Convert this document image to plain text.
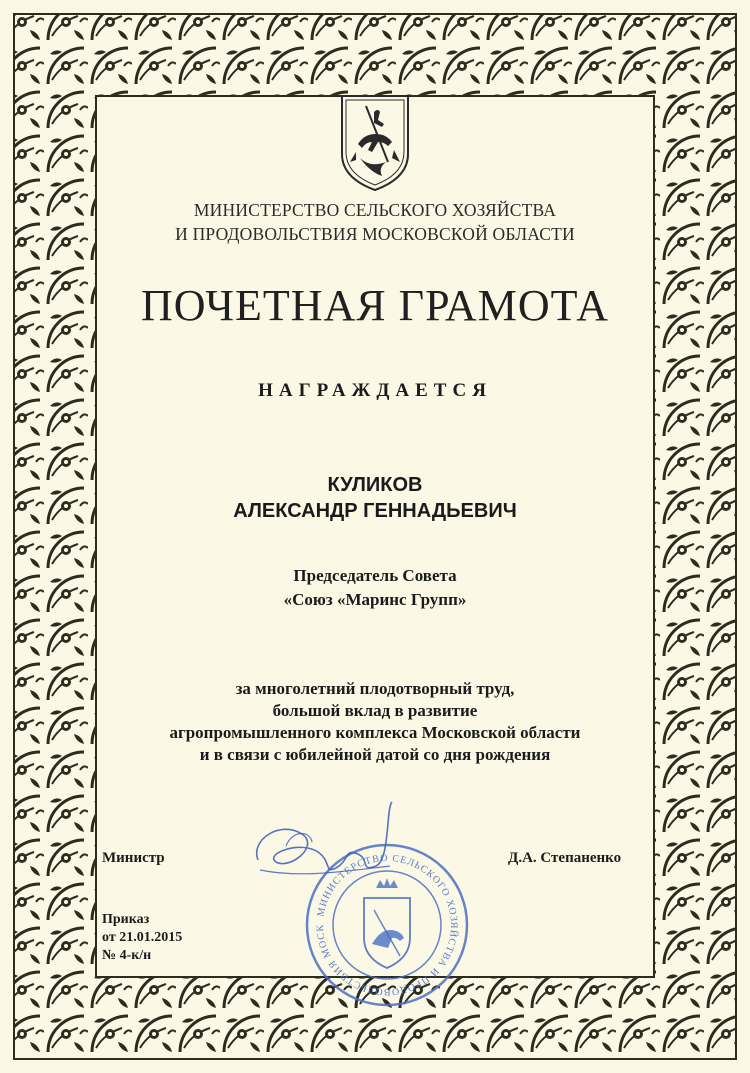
МИНИСТЕРСТВО СЕЛЬСКОГО ХОЗЯЙСТВА
И ПРОДОВОЛЬСТВИЯ МОСКОВСКОЙ ОБЛАСТИ
ПОЧЕТНАЯ ГРАМОТА
НАГРАЖДАЕТСЯ
КУЛИКОВ
АЛЕКСАНДР ГЕННАДЬЕВИЧ
Председатель Совета
«Союз «Маринс Групп»
за многолетний плодотворный труд,
большой вклад в развитие
агропромышленного комплекса Московской области
и в связи с юбилейной датой со дня рождения
МИНИСТЕРСТВО СЕЛЬСКОГО ХОЗЯЙСТВА И ПРОДОВОЛЬСТВИЯ МОСК
Министр	Д.А. Степаненко
Приказ
от 21.01.2015
№ 4-к/н
